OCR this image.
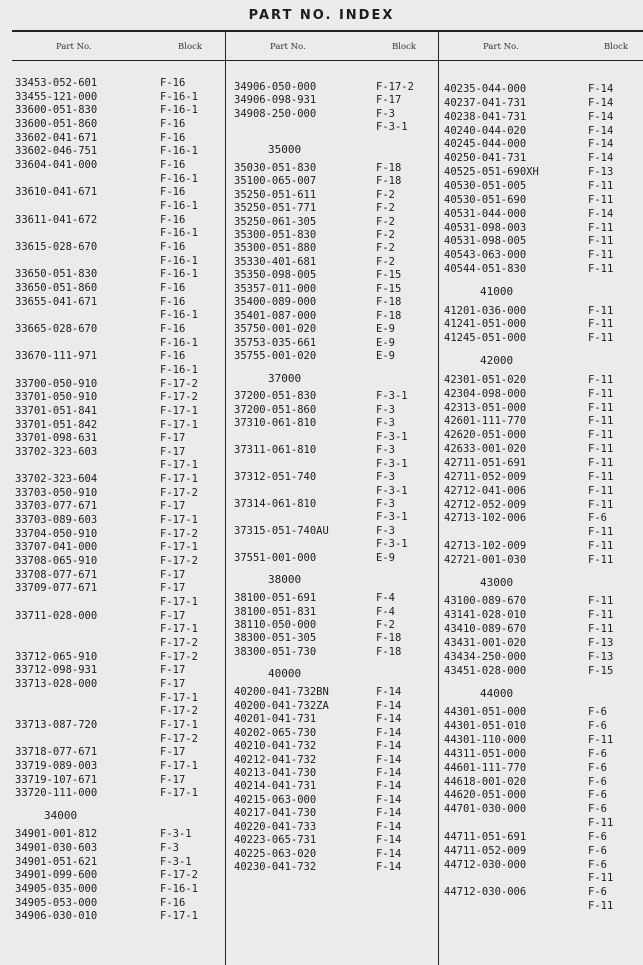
PART NO. INDEX
Part No.	Block	Part No.	Block	Part No.	Block
33453-052-601	F-16
33455-121-000	F-16-1
33600-051-830	F-16-1
33600-051-860	F-16
33602-041-671	F-16
33602-046-751	F-16-1
33604-041-000	F-16
F-16-1
33610-041-671	F-16
F-16-1
33611-041-672	F-16
F-16-1
33615-028-670	F-16
F-16-1
33650-051-830	F-16-1
33650-051-860	F-16
33655-041-671	F-16
F-16-1
33665-028-670	F-16
F-16-1
33670-111-971	F-16
F-16-1
33700-050-910	F-17-2
33701-050-910	F-17-2
33701-051-841	F-17-1
33701-051-842	F-17-1
33701-098-631	F-17
33702-323-603	F-17
F-17-1
33702-323-604	F-17-1
33703-050-910	F-17-2
33703-077-671	F-17
33703-089-603	F-17-1
33704-050-910	F-17-2
33707-041-000	F-17-1
33708-065-910	F-17-2
33708-077-671	F-17
33709-077-671	F-17
F-17-1
33711-028-000	F-17
F-17-1
F-17-2
33712-065-910	F-17-2
33712-098-931	F-17
33713-028-000	F-17
F-17-1
F-17-2
33713-087-720	F-17-1
F-17-2
33718-077-671	F-17
33719-089-003	F-17-1
33719-107-671	F-17
33720-111-000	F-17-1
34000
34901-001-812	F-3-1
34901-030-603	F-3
34901-051-621	F-3-1
34901-099-600	F-17-2
34905-035-000	F-16-1
34905-053-000	F-16
34906-030-010	F-17-1
34906-050-000	F-17-2
34906-098-931	F-17
34908-250-000	F-3
F-3-1
35000
35030-051-830	F-18
35100-065-007	F-18
35250-051-611	F-2
35250-051-771	F-2
35250-061-305	F-2
35300-051-830	F-2
35300-051-880	F-2
35330-401-681	F-2
35350-098-005	F-15
35357-011-000	F-15
35400-089-000	F-18
35401-087-000	F-18
35750-001-020	E-9
35753-035-661	E-9
35755-001-020	E-9
37000
37200-051-830	F-3-1
37200-051-860	F-3
37310-061-810	F-3
F-3-1
37311-061-810	F-3
F-3-1
37312-051-740	F-3
F-3-1
37314-061-810	F-3
F-3-1
37315-051-740AU	F-3
F-3-1
37551-001-000	E-9
38000
38100-051-691	F-4
38100-051-831	F-4
38110-050-000	F-2
38300-051-305	F-18
38300-051-730	F-18
40000
40200-041-732BN	F-14
40200-041-732ZA	F-14
40201-041-731	F-14
40202-065-730	F-14
40210-041-732	F-14
40212-041-732	F-14
40213-041-730	F-14
40214-041-731	F-14
40215-063-000	F-14
40217-041-730	F-14
40220-041-733	F-14
40223-065-731	F-14
40225-063-020	F-14
40230-041-732	F-14
40235-044-000	F-14
40237-041-731	F-14
40238-041-731	F-14
40240-044-020	F-14
40245-044-000	F-14
40250-041-731	F-14
40525-051-690XH	F-13
40530-051-005	F-11
40530-051-690	F-11
40531-044-000	F-14
40531-098-003	F-11
40531-098-005	F-11
40543-063-000	F-11
40544-051-830	F-11
41000
41201-036-000	F-11
41241-051-000	F-11
41245-051-000	F-11
42000
42301-051-020	F-11
42304-098-000	F-11
42313-051-000	F-11
42601-111-770	F-11
42620-051-000	F-11
42633-001-020	F-11
42711-051-691	F-11
42711-052-009	F-11
42712-041-006	F-11
42712-052-009	F-11
42713-102-006	F-6
F-11
42713-102-009	F-11
42721-001-030	F-11
43000
43100-089-670	F-11
43141-028-010	F-11
43410-089-670	F-11
43431-001-020	F-13
43434-250-000	F-13
43451-028-000	F-15
44000
44301-051-000	F-6
44301-051-010	F-6
44301-110-000	F-11
44311-051-000	F-6
44601-111-770	F-6
44618-001-020	F-6
44620-051-000	F-6
44701-030-000	F-6
F-11
44711-051-691	F-6
44711-052-009	F-6
44712-030-000	F-6
F-11
44712-030-006	F-6
F-11
